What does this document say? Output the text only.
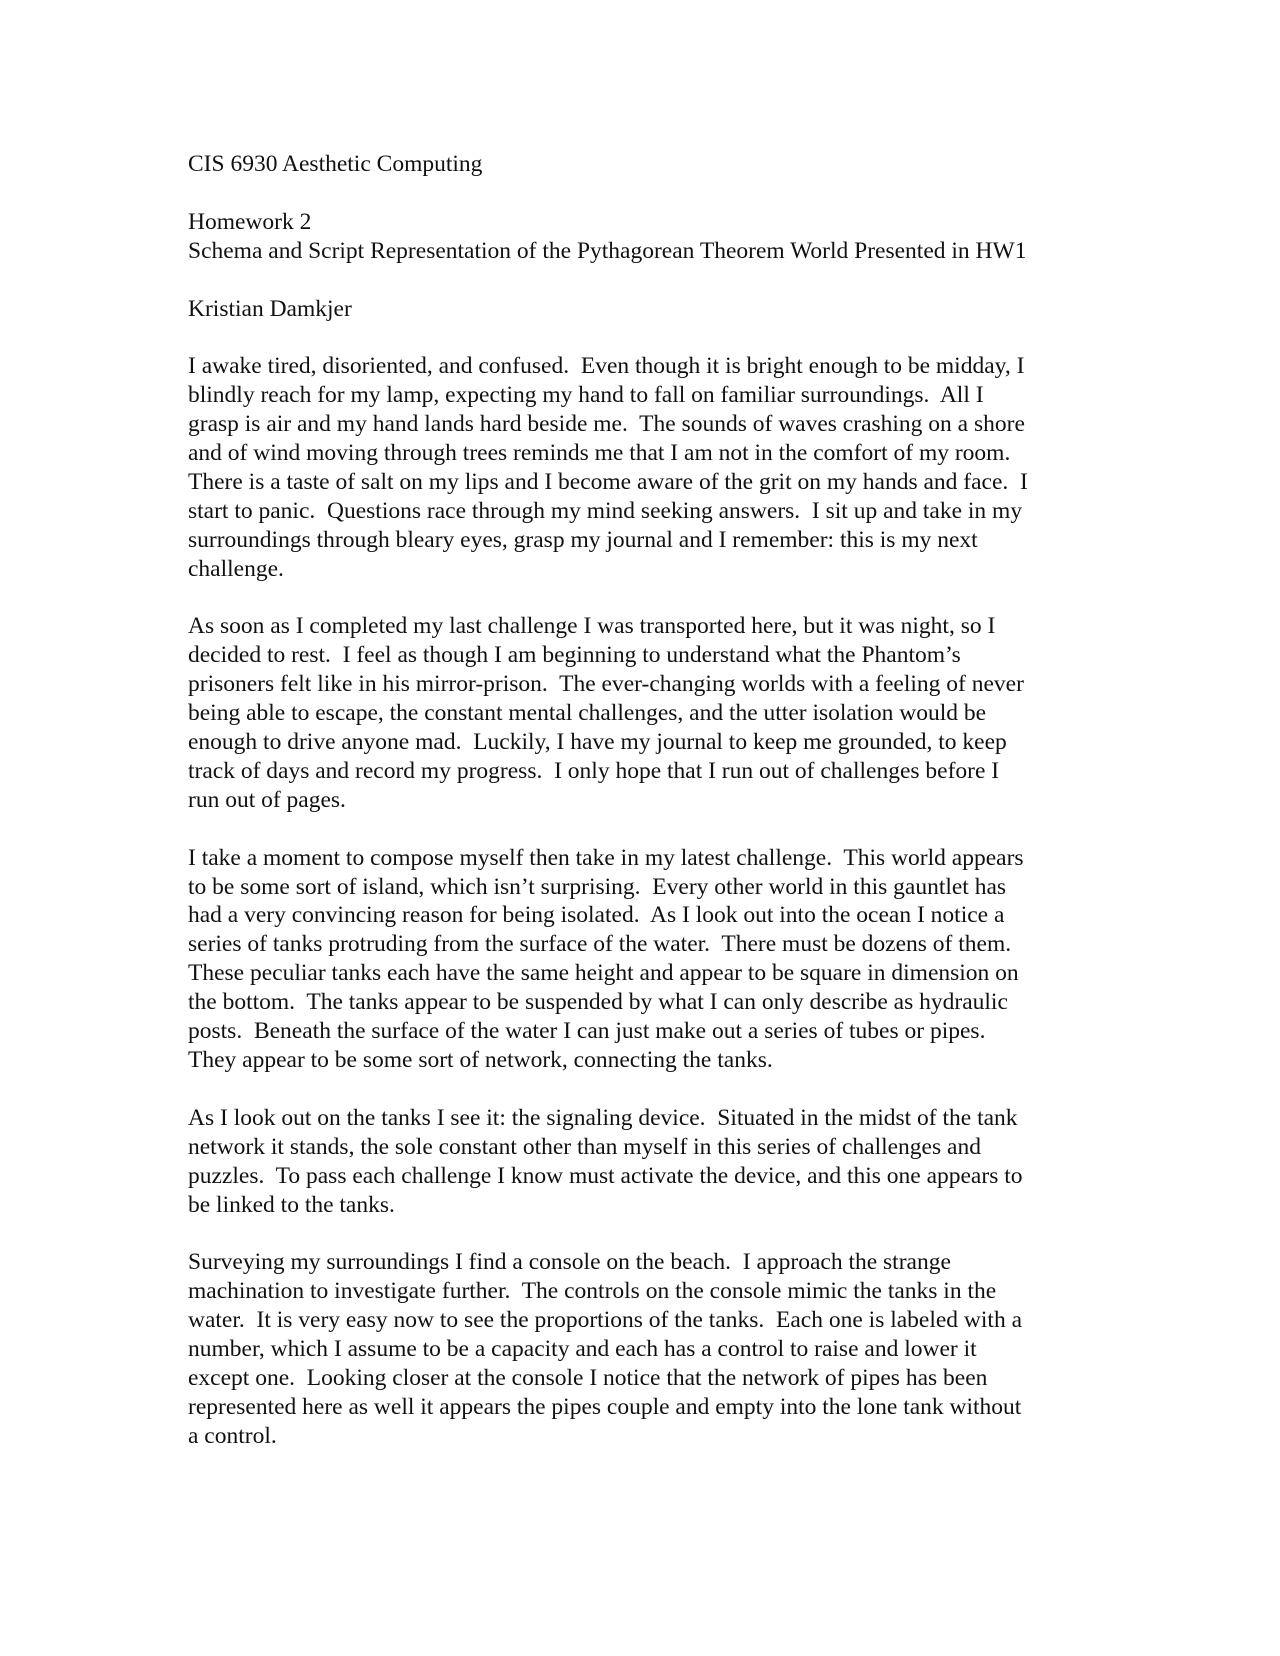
CIS 6930 Aesthetic Computing
Homework 2
Schema and Script Representation of the Pythagorean Theorem World Presented in HW1
Kristian Damkjer
I awake tired, disoriented, and confused.  Even though it is bright enough to be midday, I
blindly reach for my lamp, expecting my hand to fall on familiar surroundings.  All I
grasp is air and my hand lands hard beside me.  The sounds of waves crashing on a shore
and of wind moving through trees reminds me that I am not in the comfort of my room.
There is a taste of salt on my lips and I become aware of the grit on my hands and face.  I
start to panic.  Questions race through my mind seeking answers.  I sit up and take in my
surroundings through bleary eyes, grasp my journal and I remember: this is my next
challenge.
As soon as I completed my last challenge I was transported here, but it was night, so I
decided to rest.  I feel as though I am beginning to understand what the Phantom’s
prisoners felt like in his mirror-prison.  The ever-changing worlds with a feeling of never
being able to escape, the constant mental challenges, and the utter isolation would be
enough to drive anyone mad.  Luckily, I have my journal to keep me grounded, to keep
track of days and record my progress.  I only hope that I run out of challenges before I
run out of pages.
I take a moment to compose myself then take in my latest challenge.  This world appears
to be some sort of island, which isn’t surprising.  Every other world in this gauntlet has
had a very convincing reason for being isolated.  As I look out into the ocean I notice a
series of tanks protruding from the surface of the water.  There must be dozens of them.
These peculiar tanks each have the same height and appear to be square in dimension on
the bottom.  The tanks appear to be suspended by what I can only describe as hydraulic
posts.  Beneath the surface of the water I can just make out a series of tubes or pipes.
They appear to be some sort of network, connecting the tanks.
As I look out on the tanks I see it: the signaling device.  Situated in the midst of the tank
network it stands, the sole constant other than myself in this series of challenges and
puzzles.  To pass each challenge I know must activate the device, and this one appears to
be linked to the tanks.
Surveying my surroundings I find a console on the beach.  I approach the strange
machination to investigate further.  The controls on the console mimic the tanks in the
water.  It is very easy now to see the proportions of the tanks.  Each one is labeled with a
number, which I assume to be a capacity and each has a control to raise and lower it
except one.  Looking closer at the console I notice that the network of pipes has been
represented here as well it appears the pipes couple and empty into the lone tank without
a control.
